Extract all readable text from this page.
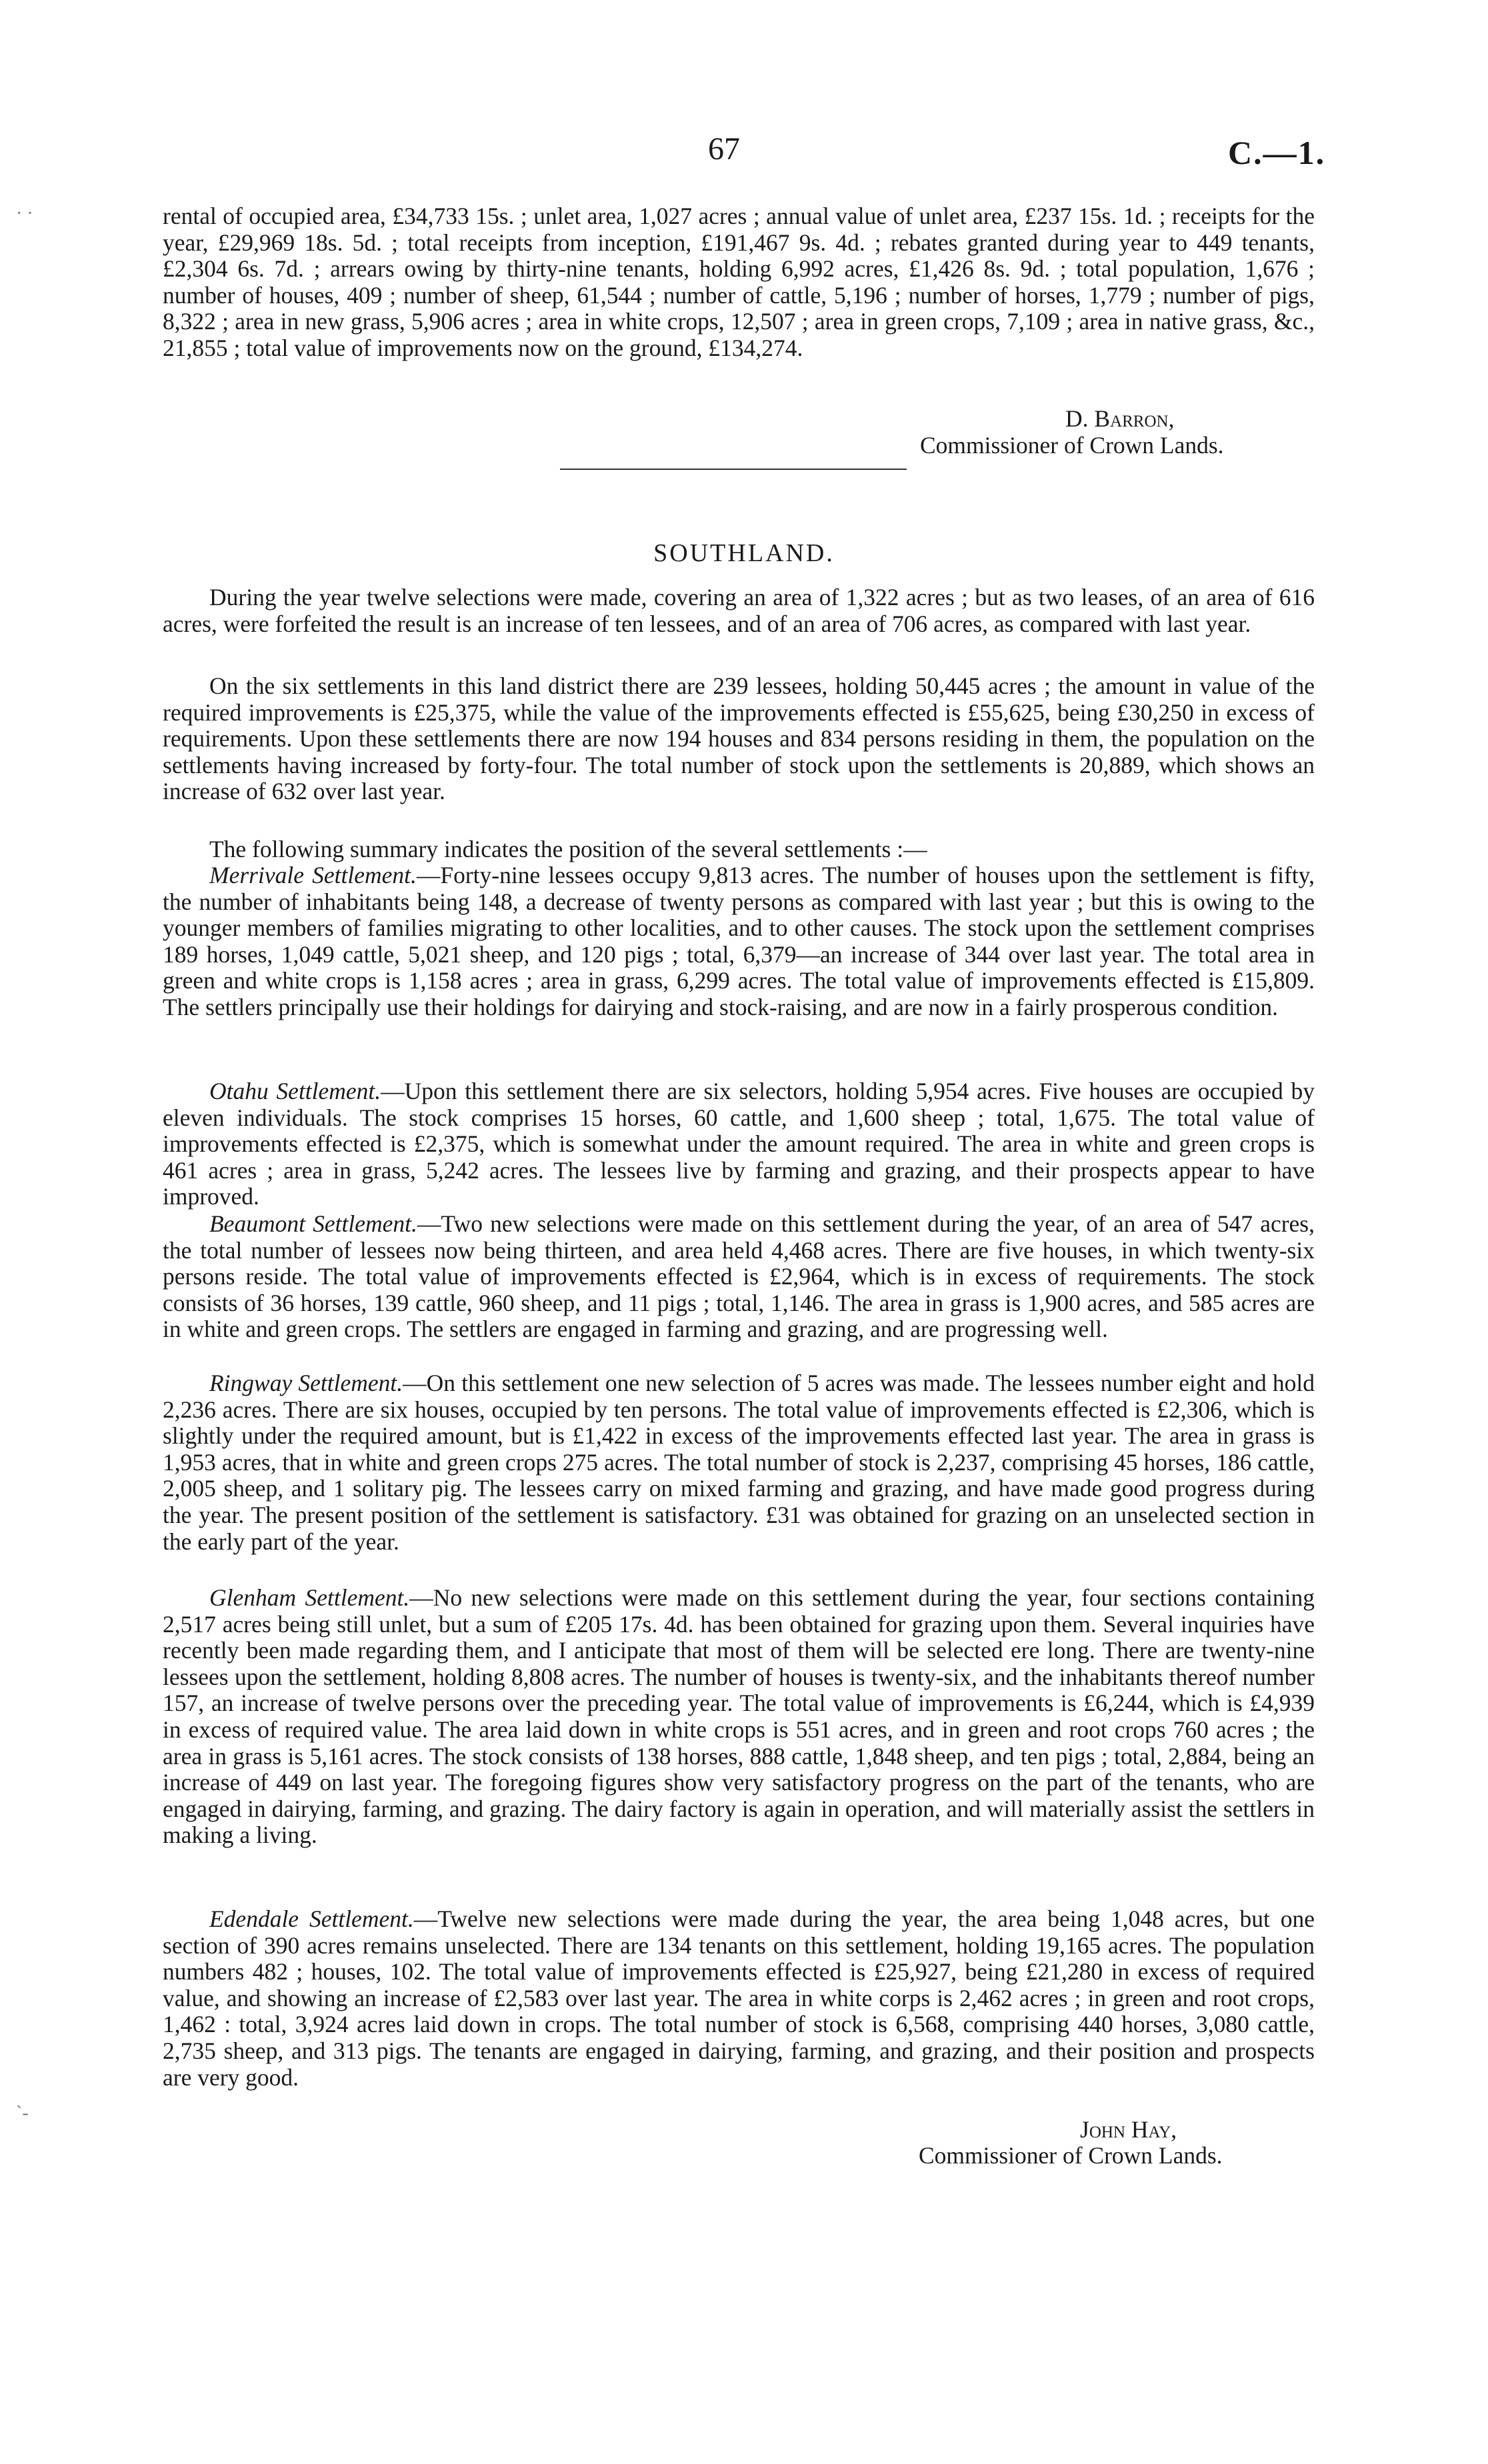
67	C.—1.
· ·	rental of occupied area, £34,733 15s. ; unlet area, 1,027 acres ; annual value of unlet area, £237 15s. 1d. ; receipts for the year, £29,969 18s. 5d. ; total receipts from inception, £191,467 9s. 4d. ; rebates granted during year to 449 tenants, £2,304 6s. 7d. ; arrears owing by thirty-nine tenants, holding 6,992 acres, £1,426 8s. 9d. ; total population, 1,676 ; number of houses, 409 ; number of sheep, 61,544 ; number of cattle, 5,196 ; number of horses, 1,779 ; number of pigs, 8,322 ; area in new grass, 5,906 acres ; area in white crops, 12,507 ; area in green crops, 7,109 ; area in native grass, &c., 21,855 ; total value of improvements now on the ground, £134,274.

D. Barron,
Commissioner of Crown Lands.
SOUTHLAND.

During the year twelve selections were made, covering an area of 1,322 acres ; but as two leases, of an area of 616 acres, were forfeited the result is an increase of ten lessees, and of an area of 706 acres, as compared with last year.

On the six settlements in this land district there are 239 lessees, holding 50,445 acres ; the amount in value of the required improvements is £25,375, while the value of the improvements effected is £55,625, being £30,250 in excess of requirements. Upon these settlements there are now 194 houses and 834 persons residing in them, the population on the settlements having increased by forty-four. The total number of stock upon the settlements is 20,889, which shows an increase of 632 over last year.

The following summary indicates the position of the several settlements :—

Merrivale Settlement.—Forty-nine lessees occupy 9,813 acres. The number of houses upon the settlement is fifty, the number of inhabitants being 148, a decrease of twenty persons as compared with last year ; but this is owing to the younger members of families migrating to other localities, and to other causes. The stock upon the settlement comprises 189 horses, 1,049 cattle, 5,021 sheep, and 120 pigs ; total, 6,379—an increase of 344 over last year. The total area in green and white crops is 1,158 acres ; area in grass, 6,299 acres. The total value of improvements effected is £15,809. The settlers principally use their holdings for dairying and stock-raising, and are now in a fairly prosperous condition.

Otahu Settlement.—Upon this settlement there are six selectors, holding 5,954 acres. Five houses are occupied by eleven individuals. The stock comprises 15 horses, 60 cattle, and 1,600 sheep ; total, 1,675. The total value of improvements effected is £2,375, which is somewhat under the amount required. The area in white and green crops is 461 acres ; area in grass, 5,242 acres. The lessees live by farming and grazing, and their prospects appear to have improved.

Beaumont Settlement.—Two new selections were made on this settlement during the year, of an area of 547 acres, the total number of lessees now being thirteen, and area held 4,468 acres. There are five houses, in which twenty-six persons reside. The total value of improvements effected is £2,964, which is in excess of requirements. The stock consists of 36 horses, 139 cattle, 960 sheep, and 11 pigs ; total, 1,146. The area in grass is 1,900 acres, and 585 acres are in white and green crops. The settlers are engaged in farming and grazing, and are progressing well.

Ringway Settlement.—On this settlement one new selection of 5 acres was made. The lessees number eight and hold 2,236 acres. There are six houses, occupied by ten persons. The total value of improvements effected is £2,306, which is slightly under the required amount, but is £1,422 in excess of the improvements effected last year. The area in grass is 1,953 acres, that in white and green crops 275 acres. The total number of stock is 2,237, comprising 45 horses, 186 cattle, 2,005 sheep, and 1 solitary pig. The lessees carry on mixed farming and grazing, and have made good progress during the year. The present position of the settlement is satisfactory. £31 was obtained for grazing on an unselected section in the early part of the year.

Glenham Settlement.—No new selections were made on this settlement during the year, four sections containing 2,517 acres being still unlet, but a sum of £205 17s. 4d. has been obtained for grazing upon them. Several inquiries have recently been made regarding them, and I anticipate that most of them will be selected ere long. There are twenty-nine lessees upon the settlement, holding 8,808 acres. The number of houses is twenty-six, and the inhabitants thereof number 157, an increase of twelve persons over the preceding year. The total value of improvements is £6,244, which is £4,939 in excess of required value. The area laid down in white crops is 551 acres, and in green and root crops 760 acres ; the area in grass is 5,161 acres. The stock consists of 138 horses, 888 cattle, 1,848 sheep, and ten pigs ; total, 2,884, being an increase of 449 on last year. The foregoing figures show very satisfactory progress on the part of the tenants, who are engaged in dairying, farming, and grazing. The dairy factory is again in operation, and will materially assist the settlers in making a living.

Edendale Settlement.—Twelve new selections were made during the year, the area being 1,048 acres, but one section of 390 acres remains unselected. There are 134 tenants on this settlement, holding 19,165 acres. The population numbers 482 ; houses, 102. The total value of improvements effected is £25,927, being £21,280 in excess of required value, and showing an increase of £2,583 over last year. The area in white corps is 2,462 acres ; in green and root crops, 1,462 : total, 3,924 acres laid down in crops. The total number of stock is 6,568, comprising 440 horses, 3,080 cattle, 2,735 sheep, and 313 pigs. The tenants are engaged in dairying, farming, and grazing, and their position and prospects are very good.

`‐
John Hay,
Commissioner of Crown Lands.
